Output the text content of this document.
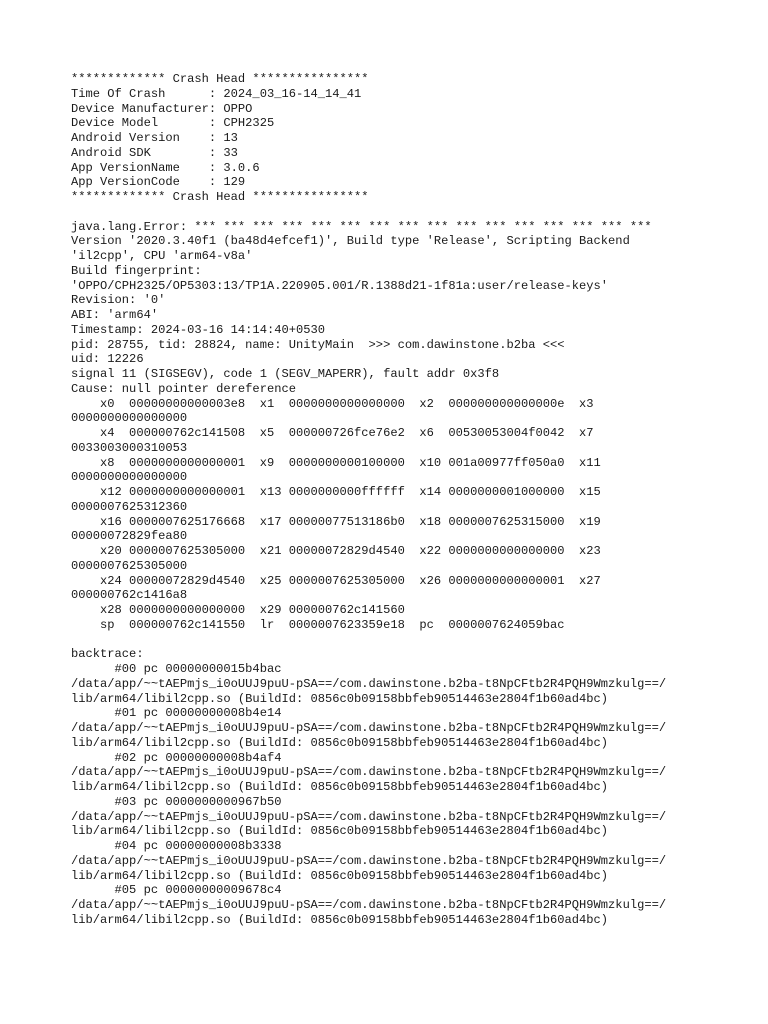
************* Crash Head ****************
Time Of Crash      : 2024_03_16-14_14_41
Device Manufacturer: OPPO
Device Model       : CPH2325
Android Version    : 13
Android SDK        : 33
App VersionName    : 3.0.6
App VersionCode    : 129
************* Crash Head ****************
java.lang.Error: *** *** *** *** *** *** *** *** *** *** *** *** *** *** *** ***
Version '2020.3.40f1 (ba48d4efcef1)', Build type 'Release', Scripting Backend
'il2cpp', CPU 'arm64-v8a'
Build fingerprint:
'OPPO/CPH2325/OP5303:13/TP1A.220905.001/R.1388d21-1f81a:user/release-keys'
Revision: '0'
ABI: 'arm64'
Timestamp: 2024-03-16 14:14:40+0530
pid: 28755, tid: 28824, name: UnityMain  >>> com.dawinstone.b2ba <<<
uid: 12226
signal 11 (SIGSEGV), code 1 (SEGV_MAPERR), fault addr 0x3f8
Cause: null pointer dereference
x0  00000000000003e8  x1  0000000000000000  x2  000000000000000e  x3
0000000000000000
x4  000000762c141508  x5  000000726fce76e2  x6  00530053004f0042  x7
0033003000310053
x8  0000000000000001  x9  0000000000100000  x10 001a00977ff050a0  x11
0000000000000000
x12 0000000000000001  x13 0000000000ffffff  x14 0000000001000000  x15
0000007625312360
x16 0000007625176668  x17 00000077513186b0  x18 0000007625315000  x19
00000072829fea80
x20 0000007625305000  x21 00000072829d4540  x22 0000000000000000  x23
0000007625305000
x24 00000072829d4540  x25 0000007625305000  x26 0000000000000001  x27
000000762c1416a8
x28 0000000000000000  x29 000000762c141560
sp  000000762c141550  lr  0000007623359e18  pc  0000007624059bac
backtrace:
#00 pc 00000000015b4bac
/data/app/~~tAEPmjs_i0oUUJ9puU-pSA==/com.dawinstone.b2ba-t8NpCFtb2R4PQH9Wmzkulg==/
lib/arm64/libil2cpp.so (BuildId: 0856c0b09158bbfeb90514463e2804f1b60ad4bc)
#01 pc 00000000008b4e14
/data/app/~~tAEPmjs_i0oUUJ9puU-pSA==/com.dawinstone.b2ba-t8NpCFtb2R4PQH9Wmzkulg==/
lib/arm64/libil2cpp.so (BuildId: 0856c0b09158bbfeb90514463e2804f1b60ad4bc)
#02 pc 00000000008b4af4
/data/app/~~tAEPmjs_i0oUUJ9puU-pSA==/com.dawinstone.b2ba-t8NpCFtb2R4PQH9Wmzkulg==/
lib/arm64/libil2cpp.so (BuildId: 0856c0b09158bbfeb90514463e2804f1b60ad4bc)
#03 pc 0000000000967b50
/data/app/~~tAEPmjs_i0oUUJ9puU-pSA==/com.dawinstone.b2ba-t8NpCFtb2R4PQH9Wmzkulg==/
lib/arm64/libil2cpp.so (BuildId: 0856c0b09158bbfeb90514463e2804f1b60ad4bc)
#04 pc 00000000008b3338
/data/app/~~tAEPmjs_i0oUUJ9puU-pSA==/com.dawinstone.b2ba-t8NpCFtb2R4PQH9Wmzkulg==/
lib/arm64/libil2cpp.so (BuildId: 0856c0b09158bbfeb90514463e2804f1b60ad4bc)
#05 pc 00000000009678c4
/data/app/~~tAEPmjs_i0oUUJ9puU-pSA==/com.dawinstone.b2ba-t8NpCFtb2R4PQH9Wmzkulg==/
lib/arm64/libil2cpp.so (BuildId: 0856c0b09158bbfeb90514463e2804f1b60ad4bc)
